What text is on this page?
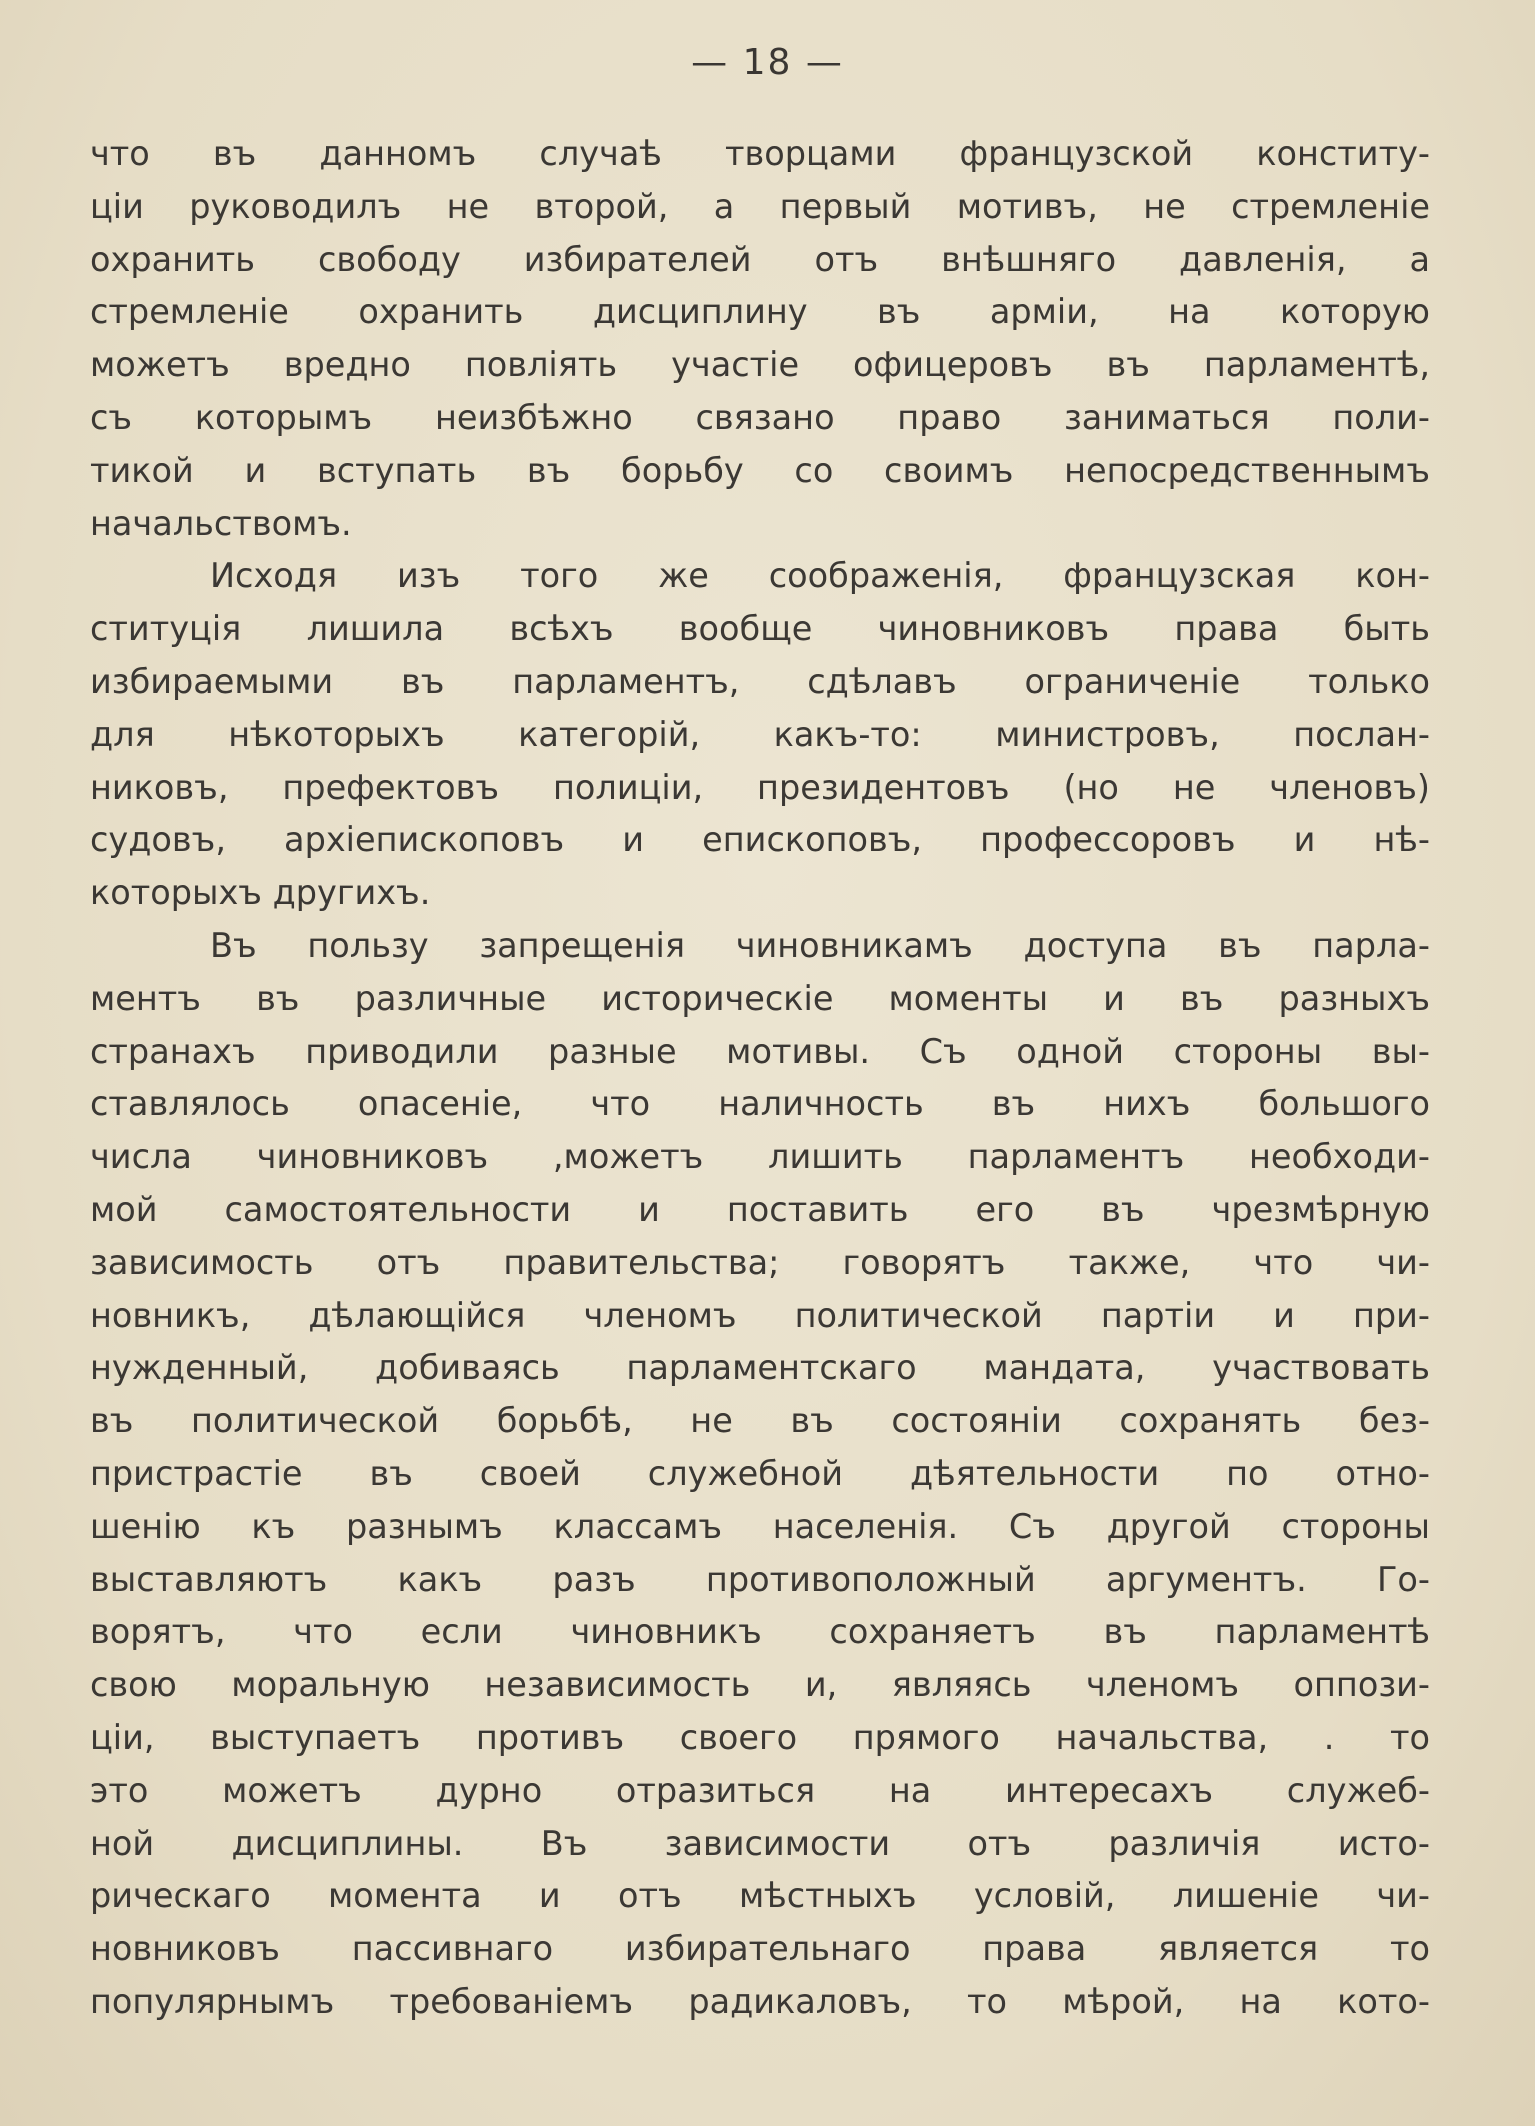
— 18 —
что въ данномъ случаѣ творцами французской конститу-
ціи руководилъ не второй, а первый мотивъ, не стремленіе
охранить свободу избирателей отъ внѣшняго давленія, а
стремленіе охранить дисциплину въ арміи, на которую
можетъ вредно повліять участіе офицеровъ въ парламентѣ,
съ которымъ неизбѣжно связано право заниматься поли-
тикой и вступать въ борьбу со своимъ непосредственнымъ
начальствомъ.
Исходя изъ того же соображенія, французская кон-
ституція лишила всѣхъ вообще чиновниковъ права быть
избираемыми въ парламентъ, сдѣлавъ ограниченіе только
для нѣкоторыхъ категорій, какъ-то: министровъ, послан-
никовъ, префектовъ полиціи, президентовъ (но не членовъ)
судовъ, архіепископовъ и епископовъ, профессоровъ и нѣ-
которыхъ другихъ.
Въ пользу запрещенія чиновникамъ доступа въ парла-
ментъ въ различные историческіе моменты и въ разныхъ
странахъ приводили разные мотивы. Съ одной стороны вы-
ставлялось опасеніе, что наличность въ нихъ большого
числа чиновниковъ ,можетъ лишить парламентъ необходи-
мой самостоятельности и поставить его въ чрезмѣрную
зависимость отъ правительства; говорятъ также, что чи-
новникъ, дѣлающійся членомъ политической партіи и при-
нужденный, добиваясь парламентскаго мандата, участвовать
въ политической борьбѣ, не въ состояніи сохранять без-
пристрастіе въ своей служебной дѣятельности по отно-
шенію къ разнымъ классамъ населенія. Съ другой стороны
выставляютъ какъ разъ противоположный аргументъ. Го-
ворятъ, что если чиновникъ сохраняетъ въ парламентѣ
свою моральную независимость и, являясь членомъ оппози-
ціи, выступаетъ противъ своего прямого начальства, . то
это можетъ дурно отразиться на интересахъ служеб-
ной дисциплины. Въ зависимости отъ различія исто-
рическаго момента и отъ мѣстныхъ условій, лишеніе чи-
новниковъ пассивнаго избирательнаго права является то
популярнымъ требованіемъ радикаловъ, то мѣрой, на кото-
